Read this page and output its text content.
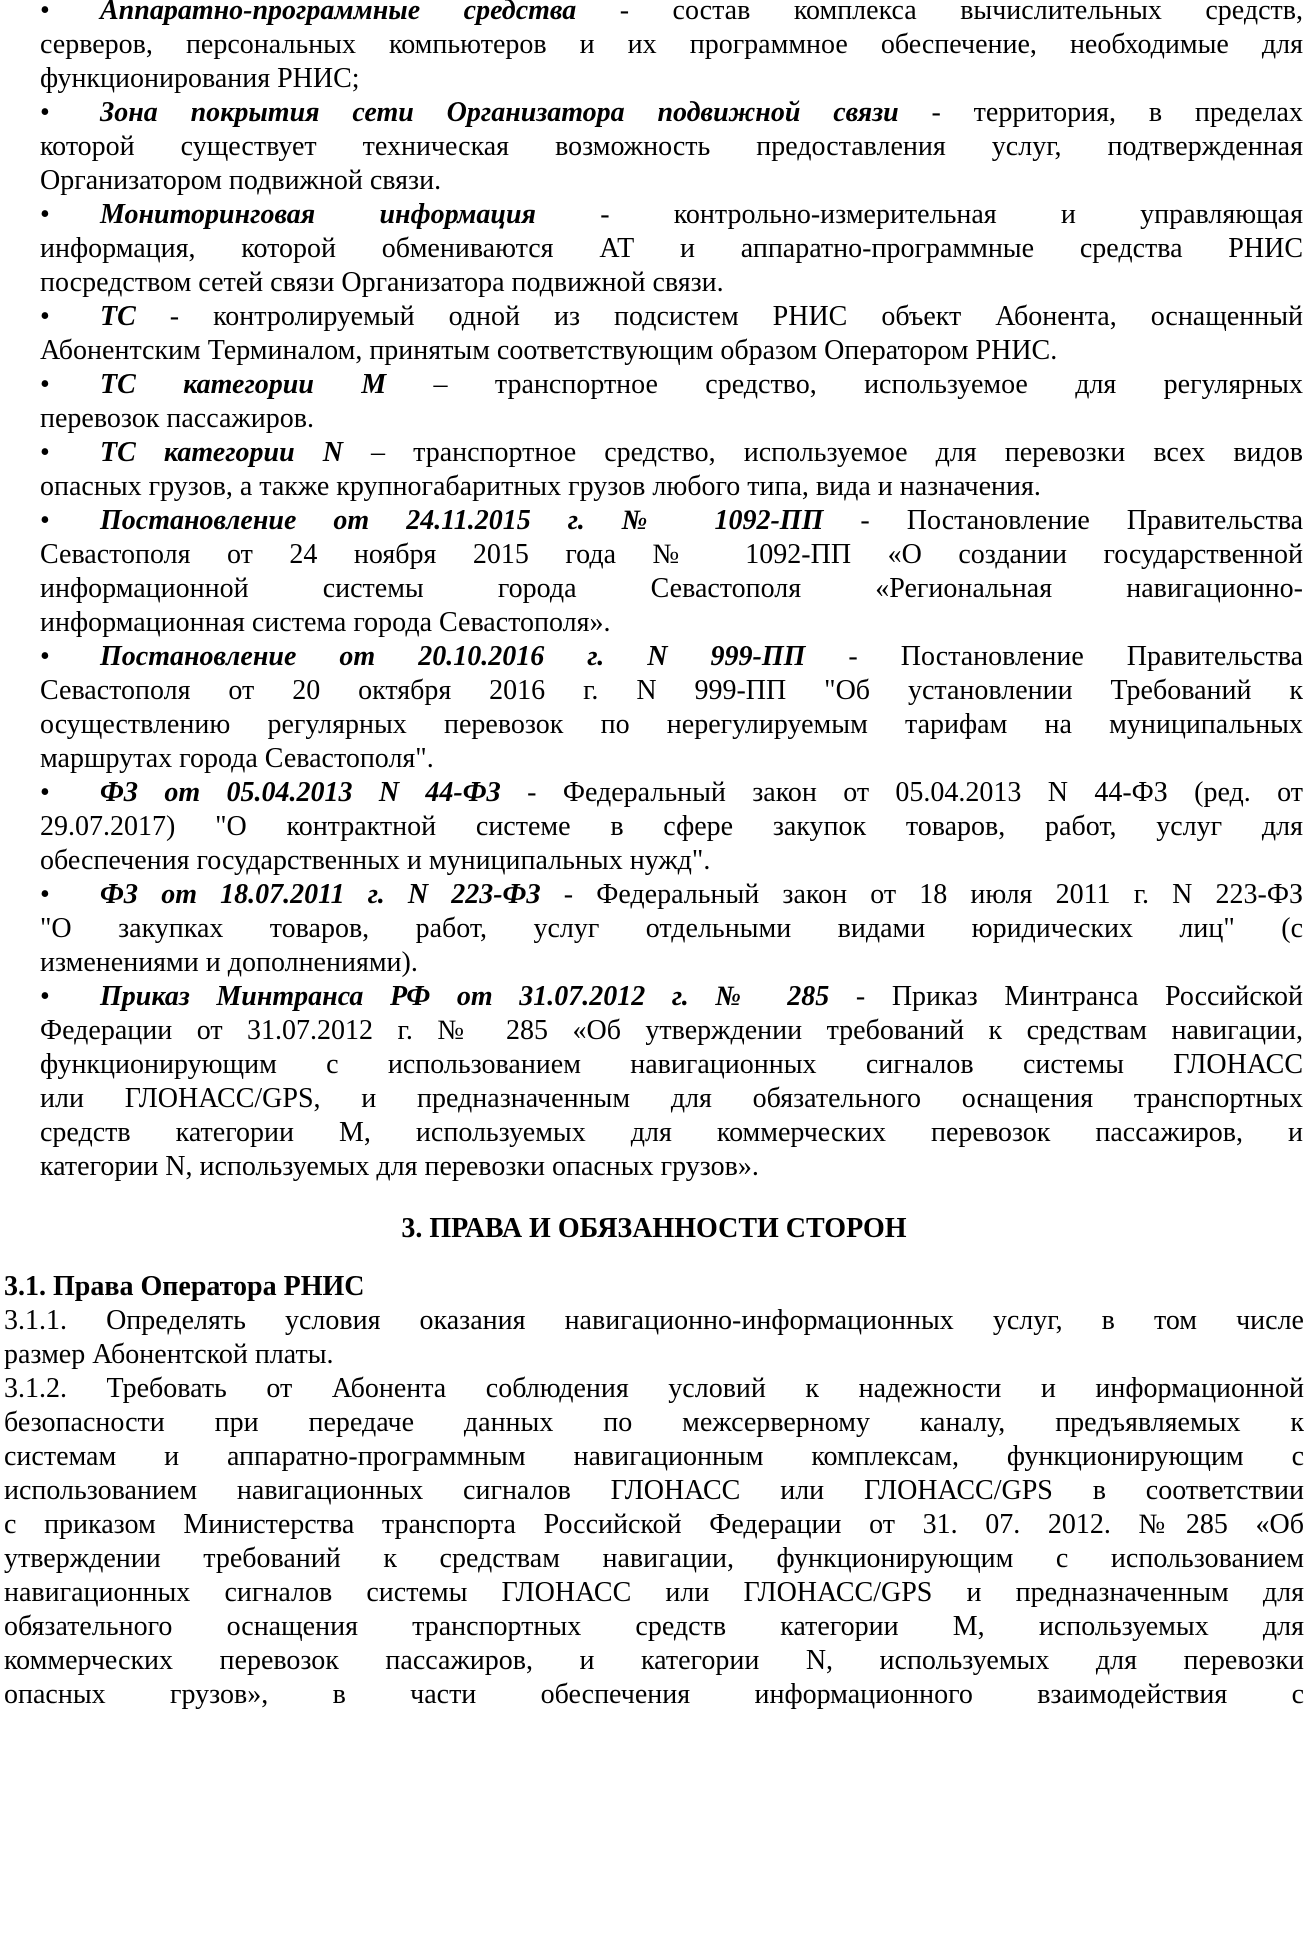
•	Аппаратно-программные средства - состав комплекса вычислительных средств,
серверов, персональных компьютеров и их программное обеспечение, необходимые для
функционирования РНИС;
•	Зона покрытия сети Организатора подвижной связи - территория, в пределах
которой существует техническая возможность предоставления услуг, подтвержденная
Организатором подвижной связи.
•	Мониторинговая информация - контрольно-измерительная и управляющая
информация, которой обмениваются АТ и аппаратно-программные средства РНИС
посредством сетей связи Организатора подвижной связи.
•	ТС - контролируемый одной из подсистем РНИС объект Абонента, оснащенный
Абонентским Терминалом, принятым соответствующим образом Оператором РНИС.
•	ТС категории М – транспортное средство, используемое для регулярных
перевозок пассажиров.
•	ТС категории N – транспортное средство, используемое для перевозки всех видов
опасных грузов, а также крупногабаритных грузов любого типа, вида и назначения.
•	Постановление от 24.11.2015 г. № 1092-ПП - Постановление Правительства
Севастополя от 24 ноября 2015 года № 1092-ПП «О создании государственной
информационной системы города Севастополя «Региональная навигационно-
информационная система города Севастополя».
•	Постановление от 20.10.2016 г. N 999-ПП - Постановление Правительства
Севастополя от 20 октября 2016 г. N 999-ПП "Об установлении Требований к
осуществлению регулярных перевозок по нерегулируемым тарифам на муниципальных
маршрутах города Севастополя".
•	ФЗ от 05.04.2013 N 44-ФЗ - Федеральный закон от 05.04.2013 N 44-ФЗ (ред. от
29.07.2017) "О контрактной системе в сфере закупок товаров, работ, услуг для
обеспечения государственных и муниципальных нужд".
•	ФЗ от 18.07.2011 г. N 223-ФЗ - Федеральный закон от 18 июля 2011 г. N 223-ФЗ
"О закупках товаров, работ, услуг отдельными видами юридических лиц" (с
изменениями и дополнениями).
•	Приказ Минтранса РФ от 31.07.2012 г. № 285 - Приказ Минтранса Российской
Федерации от 31.07.2012 г. № 285 «Об утверждении требований к средствам навигации,
функционирующим с использованием навигационных сигналов системы ГЛОНАСС
или ГЛОНАСС/GPS, и предназначенным для обязательного оснащения транспортных
средств категории М, используемых для коммерческих перевозок пассажиров, и
категории N, используемых для перевозки опасных грузов».
3. ПРАВА И ОБЯЗАННОСТИ СТОРОН
3.1. Права Оператора РНИС
3.1.1. Определять условия оказания навигационно-информационных услуг, в том числе
размер Абонентской платы.
3.1.2. Требовать от Абонента соблюдения условий к надежности и информационной
безопасности при передаче данных по межсерверному каналу, предъявляемых к
системам и аппаратно-программным навигационным комплексам, функционирующим с
использованием навигационных сигналов ГЛОНАСС или ГЛОНАСС/GPS в соответствии
с приказом Министерства транспорта Российской Федерации от 31. 07. 2012. №285 «Об
утверждении требований к средствам навигации, функционирующим с использованием
навигационных сигналов системы ГЛОНАСС или ГЛОНАСС/GPS и предназначенным для
обязательного оснащения транспортных средств категории М, используемых для
коммерческих перевозок пассажиров, и категории N, используемых для перевозки
опасных грузов», в части обеспечения информационного взаимодействия с
